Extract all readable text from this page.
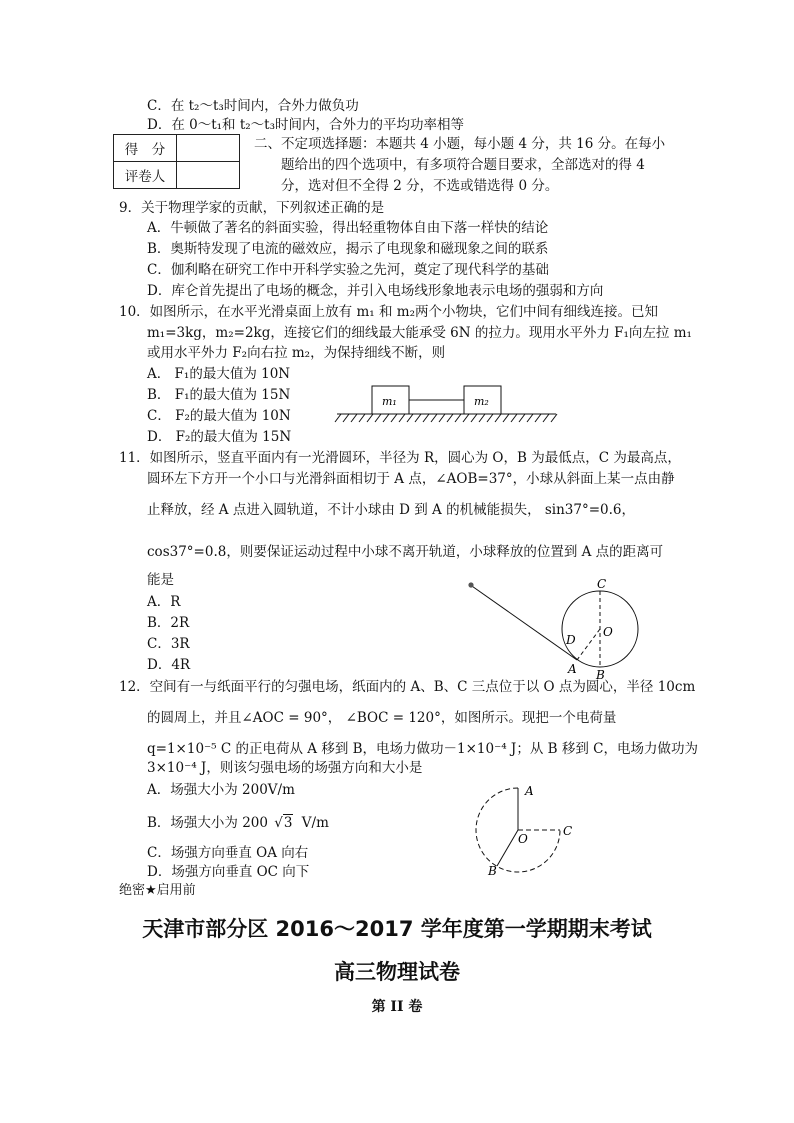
C．在 t₂～t₃时间内，合外力做负功
D．在 0～t₁和 t₂～t₃时间内，合外力的平均功率相等
得　分	
评卷人	
二、不定项选择题：本题共 4 小题，每小题 4 分，共 16 分。在每小
题给出的四个选项中，有多项符合题目要求，全部选对的得 4
分，选对但不全得 2 分，不选或错选得 0 分。
9．关于物理学家的贡献，下列叙述正确的是
A．牛顿做了著名的斜面实验，得出轻重物体自由下落一样快的结论
B．奥斯特发现了电流的磁效应，揭示了电现象和磁现象之间的联系
C．伽利略在研究工作中开科学实验之先河，奠定了现代科学的基础
D．库仑首先提出了电场的概念，并引入电场线形象地表示电场的强弱和方向
10．如图所示，在水平光滑桌面上放有 m₁ 和 m₂两个小物块，它们中间有细线连接。已知
m₁=3kg，m₂=2kg，连接它们的细线最大能承受 6N 的拉力。现用水平外力 F₁向左拉 m₁
或用水平外力 F₂向右拉 m₂，为保持细线不断，则
A． F₁的最大值为 10N
B． F₁的最大值为 15N
C． F₂的最大值为 10N
D． F₂的最大值为 15N
m₁	m₂
11．如图所示，竖直平面内有一光滑圆环，半径为 R，圆心为 O，B 为最低点，C 为最高点，
圆环左下方开一个小口与光滑斜面相切于 A 点，∠AOB=37°，小球从斜面上某一点由静
止释放，经 A 点进入圆轨道，不计小球由 D 到 A 的机械能损失， sin37°=0.6，
cos37°=0.8，则要保证运动过程中小球不离开轨道，小球释放的位置到 A 点的距离可
能是
A．R
B．2R
C．3R
D．4R
C
O
D
A B
12．空间有一与纸面平行的匀强电场，纸面内的 A、B、C 三点位于以 O 点为圆心，半径 10cm
的圆周上，并且∠AOC = 90°， ∠BOC = 120°，如图所示。现把一个电荷量
q=1×10⁻⁵ C 的正电荷从 A 移到 B，电场力做功－1×10⁻⁴ J；从 B 移到 C，电场力做功为
3×10⁻⁴ J，则该匀强电场的场强方向和大小是
A．场强大小为 200V/m
B．场强大小为 200 √3 V/m
C．场强方向垂直 OA 向右
D．场强方向垂直 OC 向下
A
C
O
B
绝密★启用前
天津市部分区 2016～2017 学年度第一学期期末考试
高三物理试卷
第 II 卷
